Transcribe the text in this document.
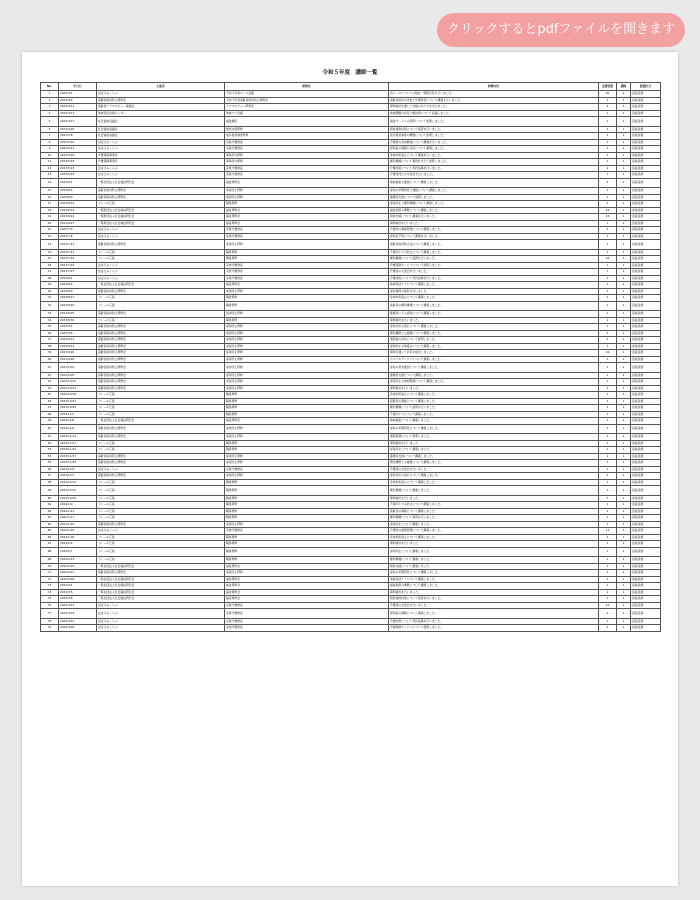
クリックするとpdfファイルを開きます
令和５年度　講師一覧
No.	年月日	主催者	研修名	研修内容	受講者数	講師	派遣区分
1	2023/4/1	ほほえみくらぶ	令和５年度ケース会議	各ケースについての検討・情報共有を行いました。	40	2	直接派遣
2	2023/4/6	高齢者虐待防止研修会	令和５年度高齢者虐待防止研修会	高齢者虐待の実態と早期発見について講義を行いました。	5	1	直接派遣
3	2023/4/11	高齢者ケアマネジャー連絡会	ケアマネジャー研修会	事例検討を通して支援のあり方を学びました。	4	1	直接派遣
4	2023/4/13	地域包括支援センター	地域ケア会議	地域課題の共有と解決策について協議しました。	1	1	直接派遣
5	2023/4/17	社会福祉協議会	福祉講座	福祉サービスの利用について説明しました。	1	1	直接派遣
6	2023/4/20	社会福祉協議会	相談支援研修	相談援助技術について演習を行いました。	1	1	直接派遣
7	2023/5/8	社会福祉協議会	成年後見制度研修	成年後見制度の概要について説明しました。	1	1	直接派遣
8	2023/5/10	ほほえみくらぶ	家族介護教室	介護者の負担軽減について講義を行いました。	1	1	直接派遣
9	2023/5/12	ほほえみくらぶ	家族介護教室	認知症の理解と対応について講義しました。	1	1	直接派遣
10	2023/5/16	介護保険事業所	事業所内研修	身体拘束廃止について講義を行いました。	1	1	直接派遣
11	2023/5/18	介護保険事業所	事業所内研修	権利擁護について事例を交えて説明しました。	1	1	直接派遣
12	2023/5/23	ほほえみくらぶ	家族介護教室	介護技術について実技指導を行いました。	2	1	直接派遣
13	2023/5/25	ほほえみくらぶ	家族介護教室	介護者同士の交流会を行いました。	1	1	直接派遣
14	2023/6/1	一般社団法人社会福祉研究会	福祉研修会	地域福祉の推進について講義しました。	2	1	直接派遣
15	2023/6/5	高齢者虐待防止研修会	虐待防止研修	虐待の早期発見と通報について講義しました。	1	1	直接派遣
16	2023/6/9	高齢者虐待防止研修会	虐待防止研修	養護者支援について説明しました。	1	1	直接派遣
17	2023/6/14	フレール広島	職員研修	虐待防止と権利擁護について講義しました。	1	1	直接派遣
18	2023/6/19	一般財団法人社会福祉研究会	福祉研修会	福祉制度の概要について講義しました。	18	1	直接派遣
19	2023/6/22	一般財団法人社会福祉研究会	福祉研修会	相談支援について講義を行いました。	15	1	直接派遣
20	2023/6/27	一般財団法人社会福祉研究会	福祉研修会	事例検討を行いました。	1	1	直接派遣
21	2023/7/3	ほほえみくらぶ	家族介護教室	介護者の健康管理について講義しました。	3	1	直接派遣
22	2023/7/6	ほほえみくらぶ	家族介護教室	認知症予防について講義を行いました。	1	1	直接派遣
23	2023/7/11	高齢者虐待防止研修会	虐待防止研修	高齢者虐待防止法について講義しました。	1	1	直接派遣
24	2023/7/14	フレール広島	職員研修	不適切ケアの防止について講義しました。	1	1	直接派遣
25	2023/7/19	フレール広島	職員研修	権利擁護について演習を行いました。	22	1	直接派遣
26	2023/7/24	ほほえみくらぶ	家族介護教室	介護保険サービスについて説明しました。	1	1	直接派遣
27	2023/7/27	ほほえみくらぶ	家族介護教室	介護者の交流会を行いました。	7	1	直接派遣
28	2023/8/1	ほほえみくらぶ	家族介護教室	介護技術について実技指導を行いました。	1	1	直接派遣
29	2023/8/4	一般社団法人社会福祉研究会	福祉研修会	地域包括ケアについて講義しました。	1	1	直接派遣
30	2023/8/9	高齢者虐待防止研修会	虐待防止研修	虐待事例の検討を行いました。	1	1	直接派遣
31	2023/8/17	フレール広島	職員研修	身体拘束廃止について講義しました。	2	1	直接派遣
32	2023/8/22	フレール広島	職員研修	高齢者の権利擁護について講義しました。	1	1	直接派遣
33	2023/8/25	高齢者虐待防止研修会	虐待防止研修	養護者による虐待について講義しました。	1	1	直接派遣
34	2023/8/30	フレール広島	職員研修	事例検討を行いました。	1	1	直接派遣
35	2023/9/1	高齢者虐待防止研修会	虐待防止研修	虐待対応の流れについて講義しました。	1	1	直接派遣
36	2023/9/6	高齢者虐待防止研修会	虐待防止研修	関係機関との連携について講義しました。	3	1	直接派遣
37	2023/9/11	高齢者虐待防止研修会	虐待防止研修	通報後の対応について説明しました。	1	1	直接派遣
38	2023/9/14	高齢者虐待防止研修会	虐待防止研修	虐待防止の取組みについて講義しました。	1	1	直接派遣
39	2023/9/20	高齢者虐待防止研修会	虐待防止研修	事例を通して対応を検討しました。	16	1	直接派遣
40	2023/9/26	高齢者虐待防止研修会	虐待防止研修	セルフネグレクトについて講義しました。	1	1	直接派遣
41	2023/10/2	高齢者虐待防止研修会	虐待防止研修	虐待の背景要因について講義しました。	1	1	直接派遣
42	2023/10/5	高齢者虐待防止研修会	虐待防止研修	養護者支援について講義しました。	1	1	直接派遣
43	2023/10/10	高齢者虐待防止研修会	虐待防止研修	虐待防止の体制整備について講義しました。	1	1	直接派遣
44	2023/10/13	高齢者虐待防止研修会	虐待防止研修	事例検討を行いました。	2	1	直接派遣
45	2023/10/18	フレール広島	職員研修	身体拘束廃止について講義しました。	1	1	直接派遣
46	2023/10/23	フレール広島	職員研修	高齢者の尊厳について講義しました。	1	1	直接派遣
47	2023/10/26	フレール広島	職員研修	権利擁護について演習を行いました。	1	1	直接派遣
48	2023/11/1	フレール広島	職員研修	不適切ケアについて講義しました。	1	1	直接派遣
49	2023/11/6	一般社団法人社会福祉研究会	福祉研修会	地域福祉について講義しました。	1	1	直接派遣
50	2023/11/9	高齢者虐待防止研修会	虐待防止研修	虐待の早期発見について講義しました。	3	1	直接派遣
51	2023/11/14	高齢者虐待防止研修会	虐待防止研修	通報義務について説明しました。	2	1	直接派遣
52	2023/11/17	フレール広島	職員研修	事例検討を行いました。	1	1	直接派遣
53	2023/11/22	フレール広島	職員研修	虐待防止について講義しました。	1	1	直接派遣
54	2023/11/27	高齢者虐待防止研修会	虐待防止研修	養護者支援について講義しました。	1	1	直接派遣
55	2023/11/30	高齢者虐待防止研修会	虐待防止研修	関係機関との連携について講義しました。	3	1	直接派遣
56	2023/12/4	ほほえみくらぶ	家族介護教室	介護者の交流会を行いました。	1	1	直接派遣
57	2023/12/7	高齢者虐待防止研修会	虐待防止研修	虐待対応の流れについて講義しました。	1	1	直接派遣
58	2023/12/12	フレール広島	職員研修	身体拘束廃止について講義しました。	1	1	直接派遣
59	2023/12/15	フレール広島	職員研修	権利擁護について講義しました。	1	1	直接派遣
60	2023/12/20	フレール広島	職員研修	事例検討を行いました。	3	1	直接派遣
61	2024/1/9	フレール広島	職員研修	不適切ケアの防止について講義しました。	1	1	直接派遣
62	2024/1/12	フレール広島	職員研修	高齢者の尊厳について講義しました。	1	1	直接派遣
63	2024/1/17	フレール広島	職員研修	権利擁護について演習を行いました。	1	1	直接派遣
64	2024/1/22	高齢者虐待防止研修会	虐待防止研修	虐待防止について講義しました。	1	1	直接派遣
65	2024/1/25	ほほえみくらぶ	家族介護教室	介護者の健康管理について講義しました。	12	1	直接派遣
66	2024/1/30	フレール広島	職員研修	身体拘束廃止について講義しました。	1	1	直接派遣
67	2024/2/2	フレール広島	職員研修	事例検討を行いました。	1	1	直接派遣
68	2024/2/7	フレール広島	職員研修	虐待防止について講義しました。	1	1	直接派遣
69	2024/2/13	フレール広島	職員研修	権利擁護について講義しました。	1	1	直接派遣
70	2024/2/16	一般社団法人社会福祉研究会	福祉研修会	相談支援について講義しました。	1	1	直接派遣
71	2024/2/21	高齢者虐待防止研修会	虐待防止研修	虐待の早期発見について講義しました。	2	1	直接派遣
72	2024/2/26	一般社団法人社会福祉研究会	福祉研修会	地域包括ケアについて講義しました。	1	1	直接派遣
73	2024/3/1	一般社団法人社会福祉研究会	福祉研修会	福祉制度の概要について講義しました。	1	1	直接派遣
74	2024/3/5	一般社団法人社会福祉研究会	福祉研修会	事例検討を行いました。	1	1	直接派遣
75	2024/3/8	一般社団法人社会福祉研究会	福祉研修会	相談援助技術について演習を行いました。	1	1	直接派遣
76	2024/3/13	ほほえみくらぶ	家族介護教室	介護者の交流会を行いました。	12	1	直接派遣
77	2024/3/18	ほほえみくらぶ	家族介護教室	認知症の理解について講義しました。	2	1	直接派遣
78	2024/3/21	ほほえみくらぶ	家族介護教室	介護技術について実技指導を行いました。	1	1	直接派遣
79	2024/3/26	ほほえみくらぶ	家族介護教室	介護保険サービスについて説明しました。	1	1	直接派遣
